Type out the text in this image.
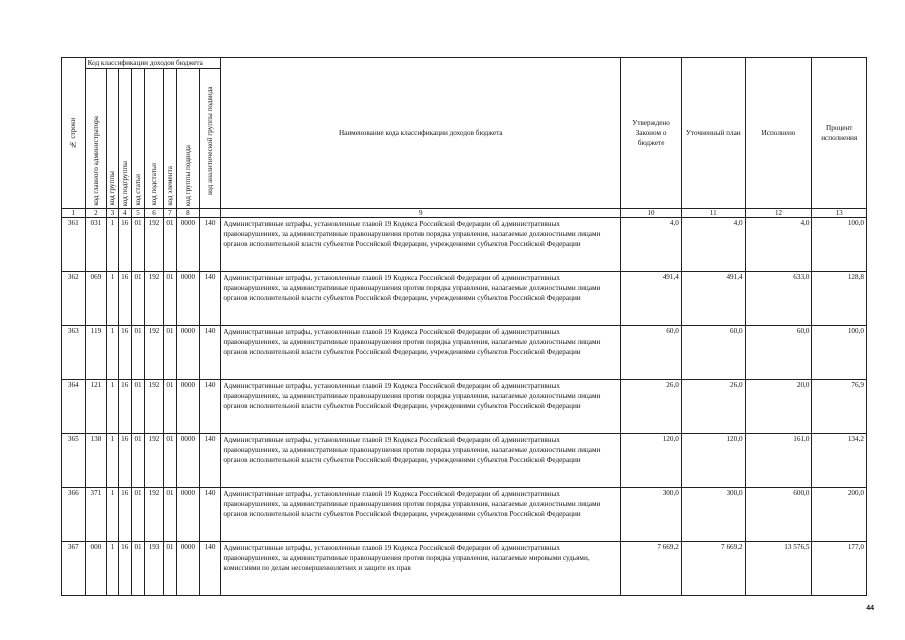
№ строки	Код классификации доходов бюджета								Наименование кода классификации доходов бюджета	Утверждено Законом о бюджете	Уточненный план	Исполнено	Процент исполнения

	код главного администратора	код группы	код подгруппы	код статьи	код подстатьи	код элемента	код группы подвида	код аналитической группы подвида					

1	2	3	4	5	6	7	8		9	10	11	12	13
361	031	1	16	01	192	01	0000	140	Административные штрафы, установленные главой 19 Кодекса Российской Федерации об административных правонарушениях, за административные правонарушения против порядка управления, налагаемые должностными лицами органов исполнительной власти субъектов Российской Федерации, учреждениями субъектов Российской Федерации	4,0	4,0	4,0	100,0
362	069	1	16	01	192	01	0000	140	Административные штрафы, установленные главой 19 Кодекса Российской Федерации об административных правонарушениях, за административные правонарушения против порядка управления, налагаемые должностными лицами органов исполнительной власти субъектов Российской Федерации, учреждениями субъектов Российской Федерации	491,4	491,4	633,0	128,8
363	119	1	16	01	192	01	0000	140	Административные штрафы, установленные главой 19 Кодекса Российской Федерации об административных правонарушениях, за административные правонарушения против порядка управления, налагаемые должностными лицами органов исполнительной власти субъектов Российской Федерации, учреждениями субъектов Российской Федерации	60,0	60,0	60,0	100,0
364	121	1	16	01	192	01	0000	140	Административные штрафы, установленные главой 19 Кодекса Российской Федерации об административных правонарушениях, за административные правонарушения против порядка управления, налагаемые должностными лицами органов исполнительной власти субъектов Российской Федерации, учреждениями субъектов Российской Федерации	26,0	26,0	20,0	76,9
365	138	1	16	01	192	01	0000	140	Административные штрафы, установленные главой 19 Кодекса Российской Федерации об административных правонарушениях, за административные правонарушения против порядка управления, налагаемые должностными лицами органов исполнительной власти субъектов Российской Федерации, учреждениями субъектов Российской Федерации	120,0	120,0	161,0	134,2
366	371	1	16	01	192	01	0000	140	Административные штрафы, установленные главой 19 Кодекса Российской Федерации об административных правонарушениях, за административные правонарушения против порядка управления, налагаемые должностными лицами органов исполнительной власти субъектов Российской Федерации, учреждениями субъектов Российской Федерации	300,0	300,0	600,0	200,0
367	000	1	16	01	193	01	0000	140	Административные штрафы, установленные главой 19 Кодекса Российской Федерации об административных правонарушениях, за административные правонарушения против порядка управления, налагаемые мировыми судьями, комиссиями по делам несовершеннолетних и защите их прав	7 669,2	7 669,2	13 576,5	177,0
44
